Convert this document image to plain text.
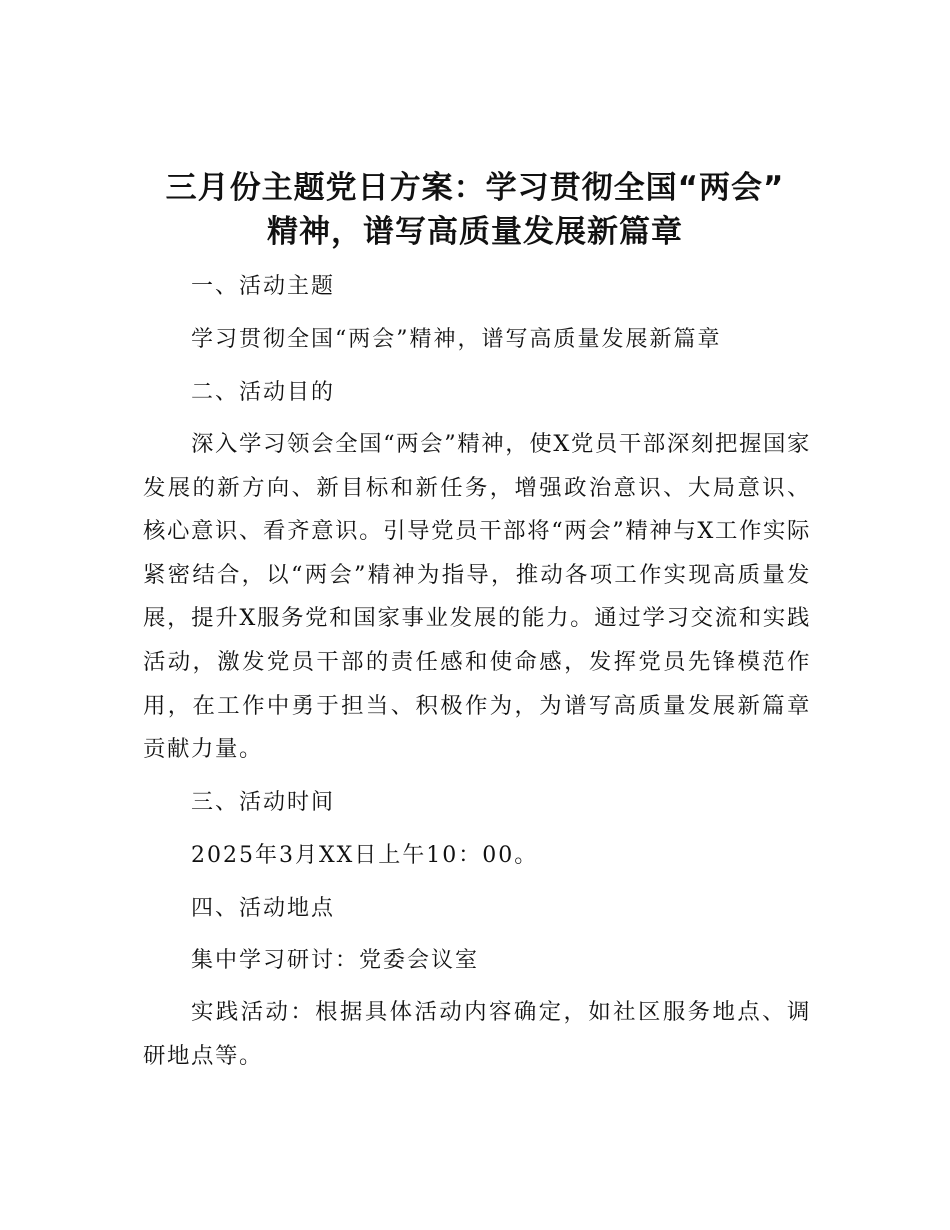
三月份主题党日方案：学习贯彻全国“两会”
精神，谱写高质量发展新篇章

一、活动主题

学习贯彻全国“两会”精神，谱写高质量发展新篇章

二、活动目的

深入学习领会全国“两会”精神，使X党员干部深刻把握国家发展的新方向、新目标和新任务，增强政治意识、大局意识、核心意识、看齐意识。引导党员干部将“两会”精神与X工作实际紧密结合，以“两会”精神为指导，推动各项工作实现高质量发展，提升X服务党和国家事业发展的能力。通过学习交流和实践活动，激发党员干部的责任感和使命感，发挥党员先锋模范作用，在工作中勇于担当、积极作为，为谱写高质量发展新篇章贡献力量。

三、活动时间

2025年3月XX日上午10：00。

四、活动地点

集中学习研讨：党委会议室

实践活动：根据具体活动内容确定，如社区服务地点、调研地点等。
